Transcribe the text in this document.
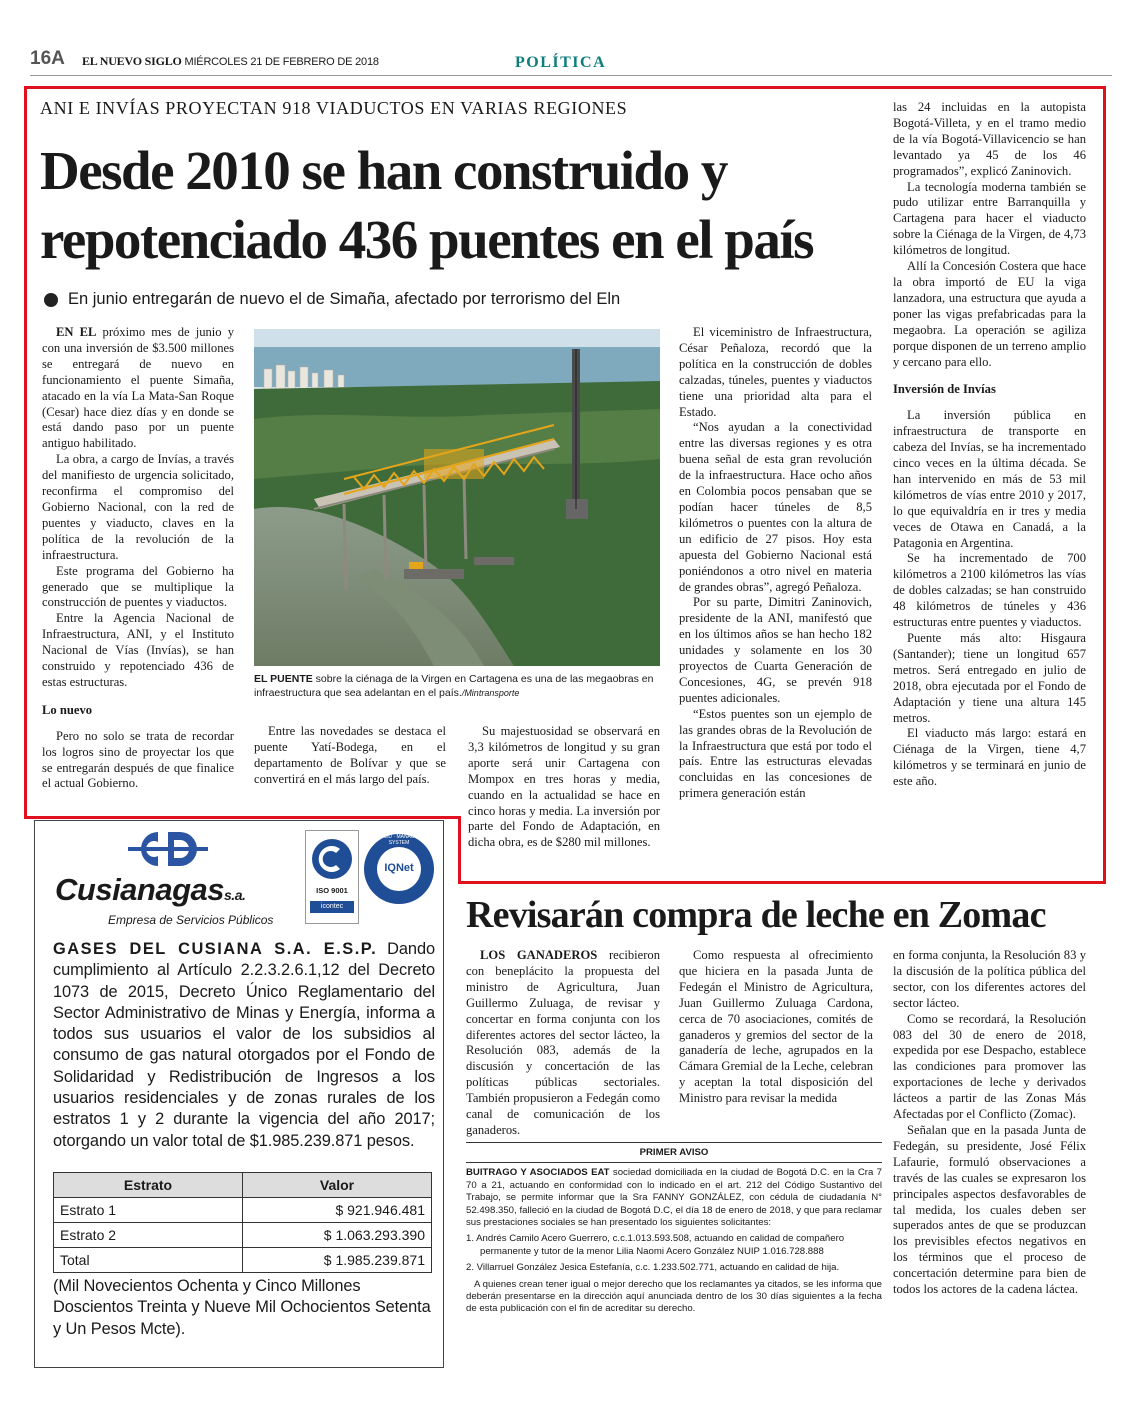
16A EL NUEVO SIGLO MIÉRCOLES 21 DE FEBRERO DE 2018	POLÍTICA
ANI E INVÍAS PROYECTAN 918 VIADUCTOS EN VARIAS REGIONES
Desde 2010 se han construido y
repotenciado 436 puentes en el país
En junio entregarán de nuevo el de Simaña, afectado por terrorismo del Eln

EN EL próximo mes de junio y con una inversión de $3.500 millones se entregará de nuevo en funcionamiento el puente Simaña, atacado en la vía La Mata-San Roque (Cesar) hace diez días y en donde se está dando paso por un puente antiguo habilitado.

La obra, a cargo de Invías, a través del manifiesto de urgencia solicitado, reconfirma el compromiso del Gobierno Nacional, con la red de puentes y viaducto, claves en la política de la revolución de la infraestructura.

Este programa del Gobierno ha generado que se multiplique la construcción de puentes y viaductos.

Entre la Agencia Nacional de Infraestructura, ANI, y el Instituto Nacional de Vías (Invías), se han construido y repotenciado 436 de estas estructuras.

Lo nuevo

Pero no solo se trata de recordar los logros sino de proyectar los que se entregarán después de que finalice el actual Gobierno.

EL PUENTE sobre la ciénaga de la Virgen en Cartagena es una de las megaobras en infraestructura que sea adelantan en el país./Mintransporte

Entre las novedades se destaca el puente Yatí-Bodega, en el departamento de Bolívar y que se convertirá en el más largo del país.

Su majestuosidad se observará en 3,3 kilómetros de longitud y su gran aporte será unir Cartagena con Mompox en tres horas y media, cuando en la actualidad se hace en cinco horas y media. La inversión por parte del Fondo de Adaptación, en dicha obra, es de $280 mil millones.

El viceministro de Infraestructura, César Peñaloza, recordó que la política en la construcción de dobles calzadas, túneles, puentes y viaductos tiene una prioridad alta para el Estado.

“Nos ayudan a la conectividad entre las diversas regiones y es otra buena señal de esta gran revolución de la infraestructura. Hace ocho años en Colombia pocos pensaban que se podían hacer túneles de 8,5 kilómetros o puentes con la altura de un edificio de 27 pisos. Hoy esta apuesta del Gobierno Nacional está poniéndonos a otro nivel en materia de grandes obras”, agregó Peñaloza.

Por su parte, Dimitri Zaninovich, presidente de la ANI, manifestó que en los últimos años se han hecho 182 unidades y solamente en los 30 proyectos de Cuarta Generación de Concesiones, 4G, se prevén 918 puentes adicionales.

“Estos puentes son un ejemplo de las grandes obras de la Revolución de la Infraestructura que está por todo el país. Entre las estructuras elevadas concluidas en las concesiones de primera generación están

las 24 incluidas en la autopista Bogotá-Villeta, y en el tramo medio de la vía Bogotá-Villavicencio se han levantado ya 45 de los 46 programados”, explicó Zaninovich.

La tecnología moderna también se pudo utilizar entre Barranquilla y Cartagena para hacer el viaducto sobre la Ciénaga de la Virgen, de 4,73 kilómetros de longitud.

Allí la Concesión Costera que hace la obra importó de EU la viga lanzadora, una estructura que ayuda a poner las vigas prefabricadas para la megaobra. La operación se agiliza porque disponen de un terreno amplio y cercano para ello.

Inversión de Invías

La inversión pública en infraestructura de transporte en cabeza del Invías, se ha incrementado cinco veces en la última década. Se han intervenido en más de 53 mil kilómetros de vías entre 2010 y 2017, lo que equivaldría en ir tres y media veces de Otawa en Canadá, a la Patagonia en Argentina.

Se ha incrementado de 700 kilómetros a 2100 kilómetros las vías de dobles calzadas; se han construido 48 kilómetros de túneles y 436 estructuras entre puentes y viaductos.

Puente más alto: Hisgaura (Santander); tiene un longitud 657 metros. Será entregado en julio de 2018, obra ejecutada por el Fondo de Adaptación y tiene una altura 145 metros.

El viaducto más largo: estará en Ciénaga de la Virgen, tiene 4,7 kilómetros y se terminará en junio de este año.

Cusianagass.a.
Empresa de Servicios Públicos
ISO 9001
icontec
IQNet
CERTIFIED · MANAGEMENT SYSTEM
GASES DEL CUSIANA S.A. E.S.P. Dando cumplimiento al Artículo 2.2.3.2.6.1,12 del Decreto 1073 de 2015, Decreto Único Reglamentario del Sector Administrativo de Minas y Energía, informa a todos sus usuarios el valor de los subsidios al consumo de gas natural otorgados por el Fondo de Solidaridad y Redistribución de Ingresos a los usuarios residenciales y de zonas rurales de los estratos 1 y 2 durante la vigencia del año 2017; otorgando un valor total de $1.985.239.871 pesos.
Estrato	Valor
Estrato 1	$ 921.946.481
Estrato 2	$ 1.063.293.390
Total	$ 1.985.239.871
(Mil Novecientos Ochenta y Cinco Millones Doscientos Treinta y Nueve Mil Ochocientos Setenta y Un Pesos Mcte).
Revisarán compra de leche en Zomac

LOS GANADEROS recibieron con beneplácito la propuesta del ministro de Agricultura, Juan Guillermo Zuluaga, de revisar y concertar en forma conjunta con los diferentes actores del sector lácteo, la Resolución 083, además de la discusión y concertación de las políticas públicas sectoriales. También propusieron a Fedegán como canal de comunicación de los ganaderos.

Como respuesta al ofrecimiento que hiciera en la pasada Junta de Fedegán el Ministro de Agricultura, Juan Guillermo Zuluaga Cardona, cerca de 70 asociaciones, comités de ganaderos y gremios del sector de la ganadería de leche, agrupados en la Cámara Gremial de la Leche, celebran y aceptan la total disposición del Ministro para revisar la medida

en forma conjunta, la Resolución 83 y la discusión de la política pública del sector, con los diferentes actores del sector lácteo.

Como se recordará, la Resolución 083 del 30 de enero de 2018, expedida por ese Despacho, establece las condiciones para promover las exportaciones de leche y derivados lácteos a partir de las Zonas Más Afectadas por el Conflicto (Zomac).

Señalan que en la pasada Junta de Fedegán, su presidente, José Félix Lafaurie, formuló observaciones a través de las cuales se expresaron los principales aspectos desfavorables de tal medida, los cuales deben ser superados antes de que se produzcan los previsibles efectos negativos en los términos que el proceso de concertación determine para bien de todos los actores de la cadena láctea.

PRIMER AVISO

BUITRAGO Y ASOCIADOS EAT sociedad domiciliada en la ciudad de Bogotá D.C. en la Cra 7 70 a 21, actuando en conformidad con lo indicado en el art. 212 del Código Sustantivo del Trabajo, se permite informar que la Sra FANNY GONZÁLEZ, con cédula de ciudadanía N° 52.498.350, falleció en la ciudad de Bogotá D.C, el día 18 de enero de 2018, y que para reclamar sus prestaciones sociales se han presentado los siguientes solicitantes:

1. Andrés Camilo Acero Guerrero, c.c.1.013.593.508, actuando en calidad de compañero permanente y tutor de la menor Lilia Naomi Acero González NUIP 1.016.728.888

2. Villarruel González Jesica Estefanía, c.c. 1.233.502.771, actuando en calidad de hija.

A quienes crean tener igual o mejor derecho que los reclamantes ya citados, se les informa que deberán presentarse en la dirección aquí anunciada dentro de los 30 días siguientes a la fecha de esta publicación con el fin de acreditar su derecho.
